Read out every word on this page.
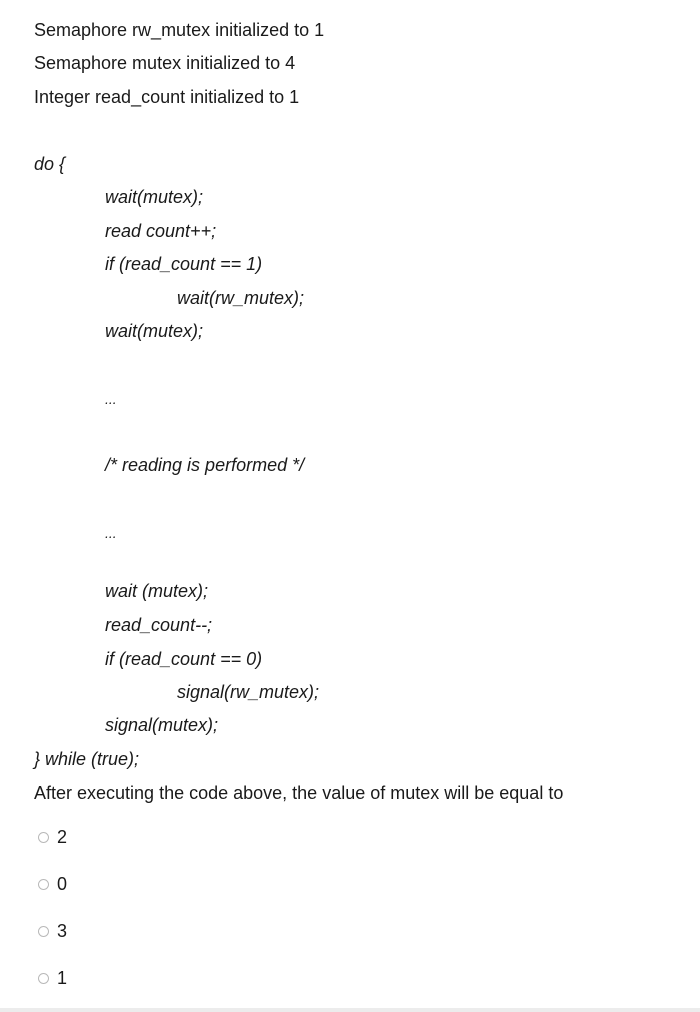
Semaphore rw_mutex initialized to 1
Semaphore mutex initialized to 4
Integer read_count initialized to 1
do {
wait(mutex);
read count++;
if (read_count == 1)
wait(rw_mutex);
wait(mutex);
...
/* reading is performed */
...
wait (mutex);
read_count--;
if (read_count == 0)
signal(rw_mutex);
signal(mutex);
} while (true);
After executing the code above, the value of mutex will be equal to
2
0
3
1
